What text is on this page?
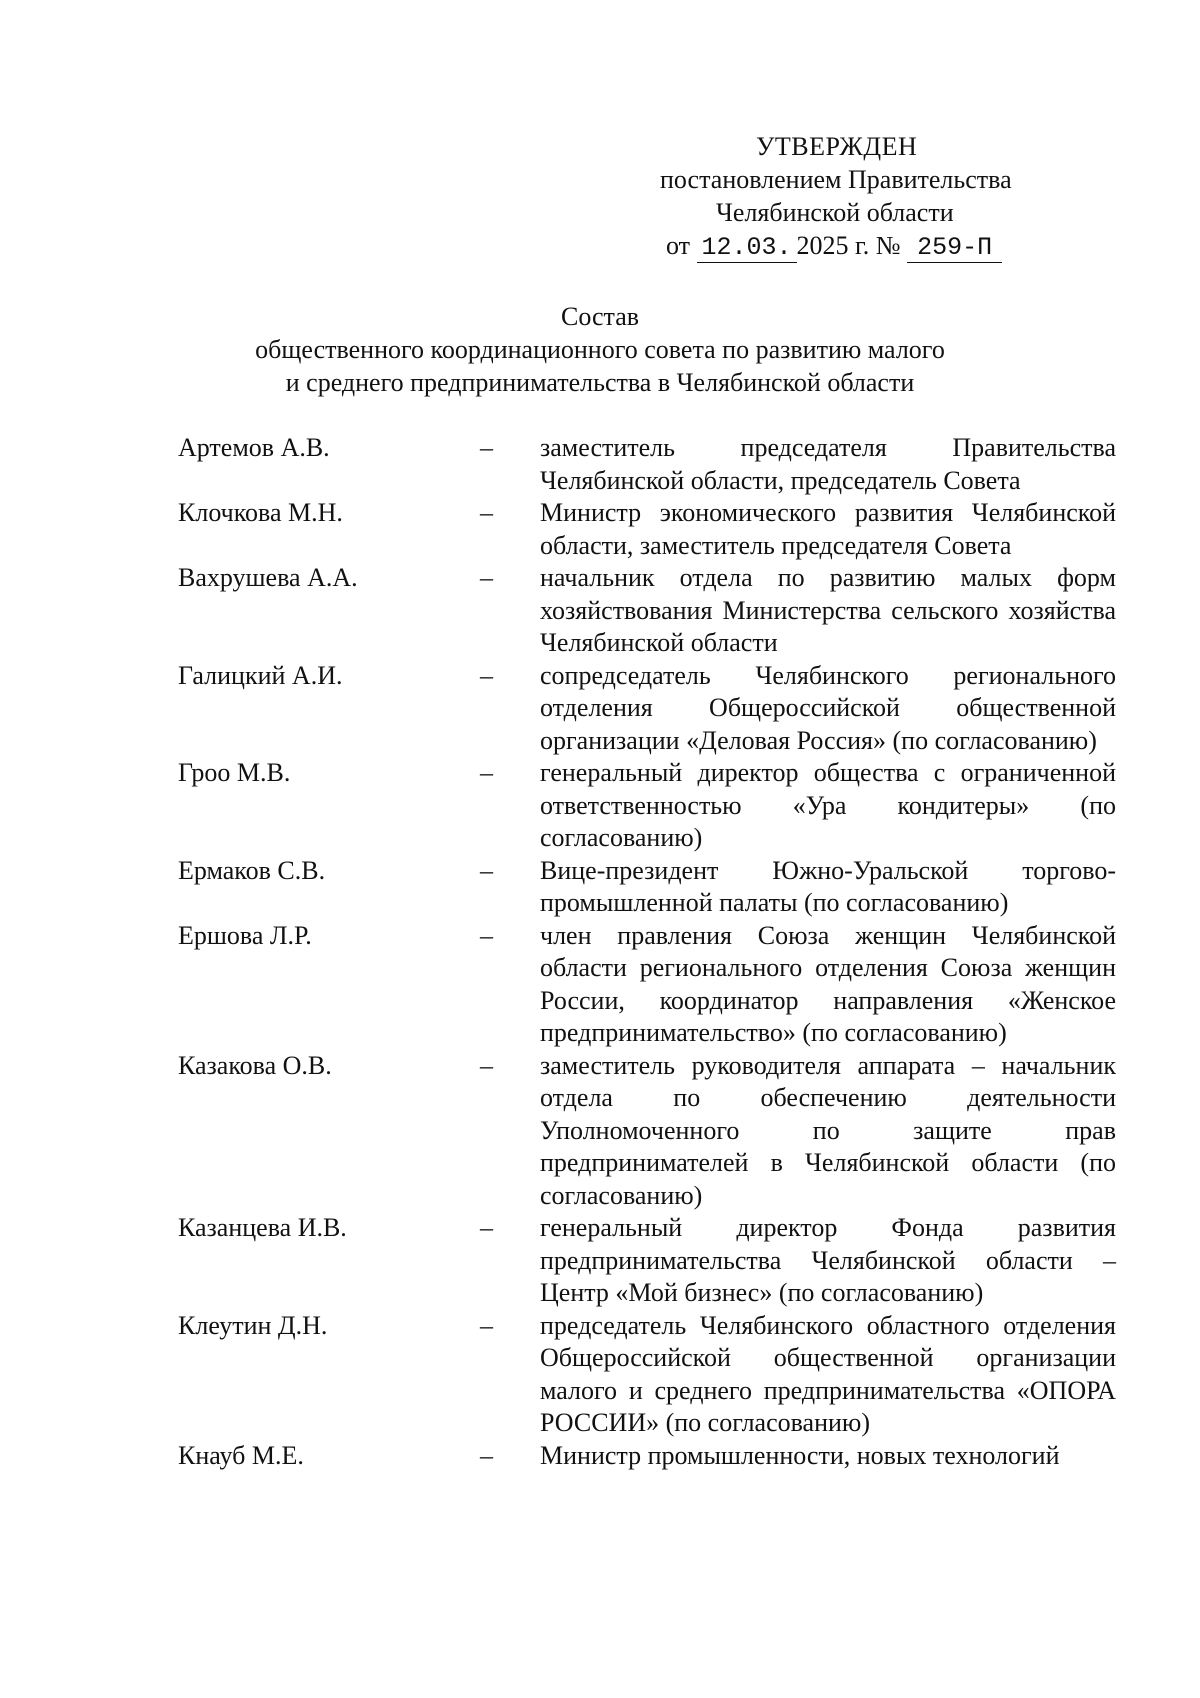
УТВЕРЖДЕН
постановлением Правительства
Челябинской области
от 12.03. 2025 г. № 259-П
Состав
общественного координационного совета по развитию малого
и среднего предпринимательства в Челябинской области
Артемов А.В.	–	заместитель председателя Правительства Челябинской области, председатель Совета
Клочкова М.Н.	–	Министр экономического развития Челябинской области, заместитель председателя Совета
Вахрушева А.А.	–	начальник отдела по развитию малых форм хозяйствования Министерства сельского хозяйства Челябинской области
Галицкий А.И.	–	сопредседатель Челябинского регионального отделения Общероссийской общественной организации «Деловая Россия» (по согласованию)
Гроо М.В.	–	генеральный директор общества с ограниченной ответственностью «Ура кондитеры» (по согласованию)
Ермаков С.В.	–	Вице-президент Южно-Уральской торгово-промышленной палаты (по согласованию)
Ершова Л.Р.	–	член правления Союза женщин Челябинской области регионального отделения Союза женщин России, координатор направления «Женское предпринимательство» (по согласованию)
Казакова О.В.	–	заместитель руководителя аппарата – начальник отдела по обеспечению деятельности Уполномоченного по защите прав предпринимателей в Челябинской области (по согласованию)
Казанцева И.В.	–	генеральный директор Фонда развития предпринимательства Челябинской области – Центр «Мой бизнес» (по согласованию)
Клеутин Д.Н.	–	председатель Челябинского областного отделения Общероссийской общественной организации малого и среднего предпринимательства «ОПОРА РОССИИ» (по согласованию)
Кнауб М.Е.	–	Министр промышленности, новых технологий
